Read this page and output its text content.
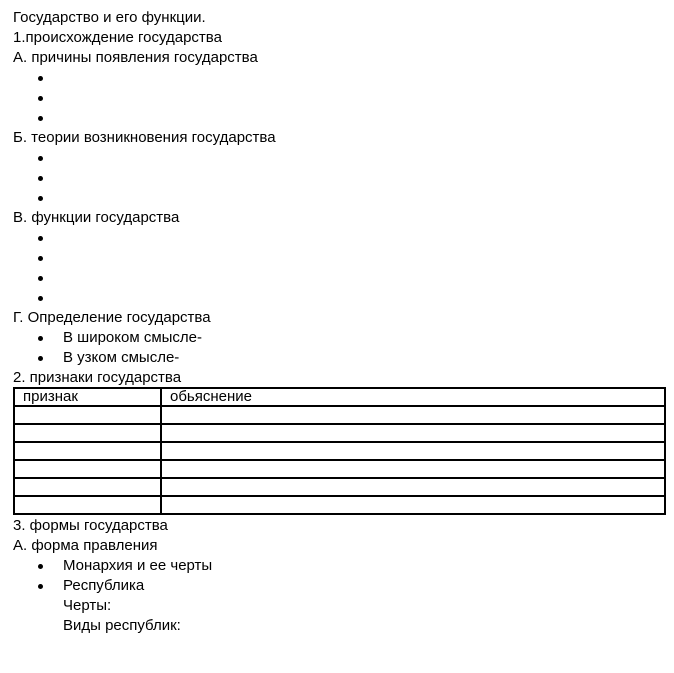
Государство и его функции.
1.происхождение государства
А. причины появления государства
Б. теории возникновения государства
В. функции государства
Г. Определение государства
В широком смысле-
В узком смысле-
2. признаки государства
признак	обьяснение

3. формы государства
А. форма правления
Монархия и ее черты
Республика
Черты:
Виды республик:
